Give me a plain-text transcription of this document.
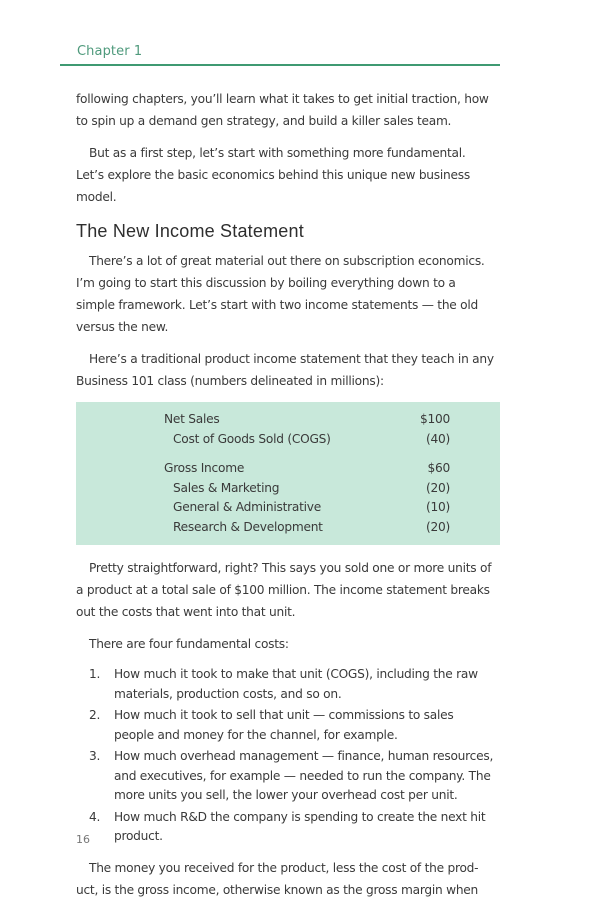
Chapter 1

following chapters, you’ll learn what it takes to get initial traction, how to spin up a demand gen strategy, and build a killer sales team.

But as a first step, let’s start with something more fundamental. Let’s explore the basic economics behind this unique new business model.

The New Income Statement

There’s a lot of great material out there on subscription economics. I’m going to start this discussion by boiling everything down to a simple framework. Let’s start with two income statements — the old versus the new.

Here’s a traditional product income statement that they teach in any Business 101 class (numbers delineated in millions):

Net Sales	$100
Cost of Goods Sold (COGS)	(40)
Gross Income	$60
Sales & Marketing	(20)
General & Administrative	(10)
Research & Development	(20)

Pretty straightforward, right? This says you sold one or more units of a product at a total sale of $100 million. The income statement breaks out the costs that went into that unit.

There are four fundamental costs:

1.	How much it took to make that unit (COGS), including the raw materials, production costs, and so on.
2.	How much it took to sell that unit — commissions to sales people and money for the channel, for example.
3.	How much overhead management — finance, human resources, and executives, for example — needed to run the company. The more units you sell, the lower your overhead cost per unit.
4.	How much R&D the company is spending to create the next hit product.

The money you received for the product, less the cost of the product, is the gross income, otherwise known as the gross margin when

16
